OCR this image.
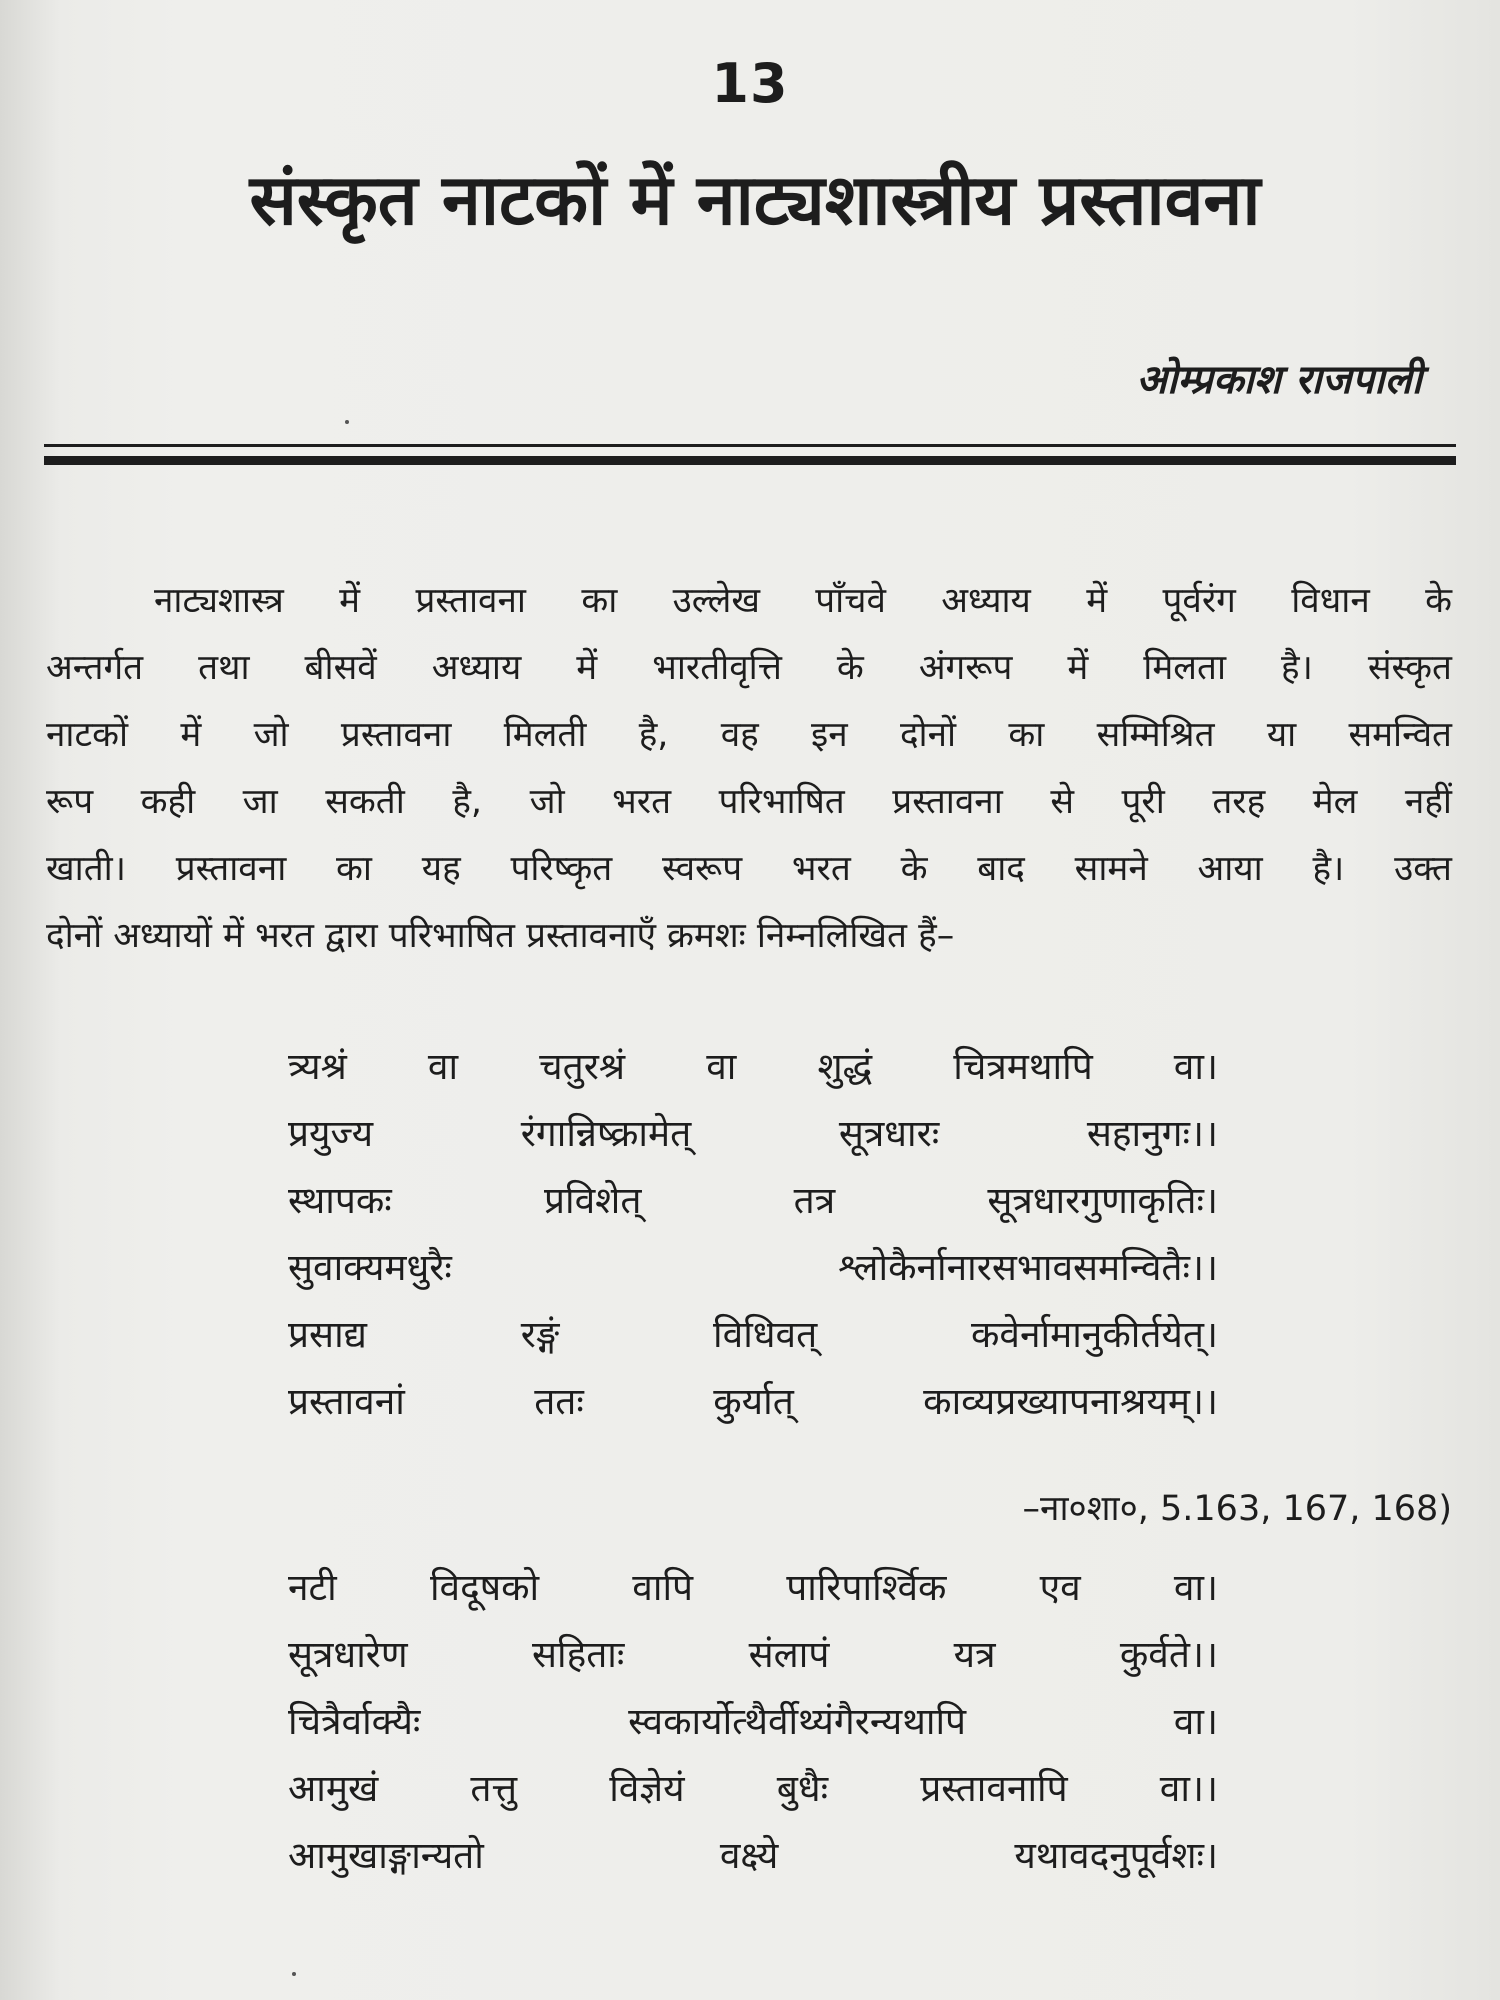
13
संस्कृत नाटकों में नाट्यशास्त्रीय प्रस्तावना
ओम्प्रकाश राजपाली
नाट्यशास्त्र में प्रस्तावना का उल्लेख पाँचवे अध्याय में पूर्वरंग विधान के
अन्तर्गत तथा बीसवें अध्याय में भारतीवृत्ति के अंगरूप में मिलता है। संस्कृत
नाटकों में जो प्रस्तावना मिलती है, वह इन दोनों का सम्मिश्रित या समन्वित
रूप कही जा सकती है, जो भरत परिभाषित प्रस्तावना से पूरी तरह मेल नहीं
खाती। प्रस्तावना का यह परिष्कृत स्वरूप भरत के बाद सामने आया है। उक्त
दोनों अध्यायों में भरत द्वारा परिभाषित प्रस्तावनाएँ क्रमशः निम्नलिखित हैं–
त्र्यश्रं वा चतुरश्रं वा शुद्धं चित्रमथापि वा।
प्रयुज्य रंगान्निष्क्रामेत् सूत्रधारः सहानुगः।।
स्थापकः प्रविशेत् तत्र सूत्रधारगुणाकृतिः।
सुवाक्यमधुरैः श्लोकैर्नानारसभावसमन्वितैः।।
प्रसाद्य रङ्गं विधिवत् कवेर्नामानुकीर्तयेत्।
प्रस्तावनां ततः कुर्यात् काव्यप्रख्यापनाश्रयम्।।
–ना०शा०, 5.163, 167, 168)
नटी विदूषको वापि पारिपार्श्विक एव वा।
सूत्रधारेण सहिताः संलापं यत्र कुर्वते।।
चित्रैर्वाक्यैः स्वकार्योत्थैर्वीथ्यंगैरन्यथापि वा।
आमुखं तत्तु विज्ञेयं बुधैः प्रस्तावनापि वा।।
आमुखाङ्गान्यतो वक्ष्ये यथावदनुपूर्वशः।
